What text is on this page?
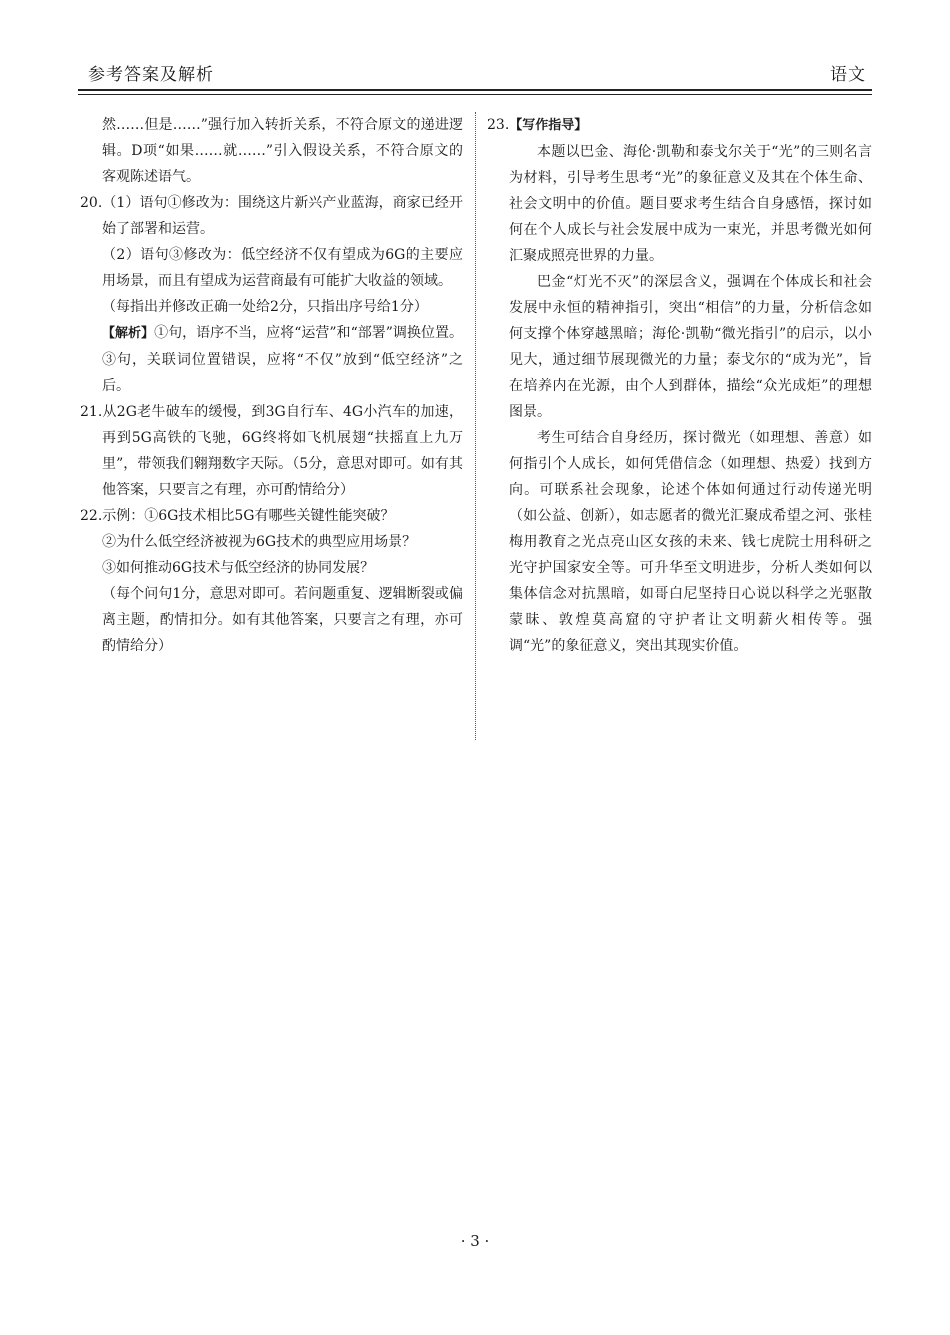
参考答案及解析	语文

然……但是……”强行加入转折关系，不符合原文的递进逻辑。D项“如果……就……”引入假设关系，不符合原文的客观陈述语气。

20.（1）语句①修改为：围绕这片新兴产业蓝海，商家已经开始了部署和运营。

（2）语句③修改为：低空经济不仅有望成为6G的主要应用场景，而且有望成为运营商最有可能扩大收益的领域。

（每指出并修改正确一处给2分，只指出序号给1分）

【解析】①句，语序不当，应将“运营”和“部署”调换位置。③句，关联词位置错误，应将“不仅”放到“低空经济”之后。

21.从2G老牛破车的缓慢，到3G自行车、4G小汽车的加速，再到5G高铁的飞驰，6G终将如飞机展翅“扶摇直上九万里”，带领我们翱翔数字天际。（5分，意思对即可。如有其他答案，只要言之有理，亦可酌情给分）

22.示例：①6G技术相比5G有哪些关键性能突破？

②为什么低空经济被视为6G技术的典型应用场景？

③如何推动6G技术与低空经济的协同发展？

（每个问句1分，意思对即可。若问题重复、逻辑断裂或偏离主题，酌情扣分。如有其他答案，只要言之有理，亦可酌情给分）

23.【写作指导】

本题以巴金、海伦·凯勒和泰戈尔关于“光”的三则名言为材料，引导考生思考“光”的象征意义及其在个体生命、社会文明中的价值。题目要求考生结合自身感悟，探讨如何在个人成长与社会发展中成为一束光，并思考微光如何汇聚成照亮世界的力量。

巴金“灯光不灭”的深层含义，强调在个体成长和社会发展中永恒的精神指引，突出“相信”的力量，分析信念如何支撑个体穿越黑暗；海伦·凯勒“微光指引”的启示，以小见大，通过细节展现微光的力量；泰戈尔的“成为光”，旨在培养内在光源，由个人到群体，描绘“众光成炬”的理想图景。

考生可结合自身经历，探讨微光（如理想、善意）如何指引个人成长，如何凭借信念（如理想、热爱）找到方向。可联系社会现象，论述个体如何通过行动传递光明（如公益、创新），如志愿者的微光汇聚成希望之河、张桂梅用教育之光点亮山区女孩的未来、钱七虎院士用科研之光守护国家安全等。可升华至文明进步，分析人类如何以集体信念对抗黑暗，如哥白尼坚持日心说以科学之光驱散蒙昧、敦煌莫高窟的守护者让文明薪火相传等。强调“光”的象征意义，突出其现实价值。

· 3 ·
